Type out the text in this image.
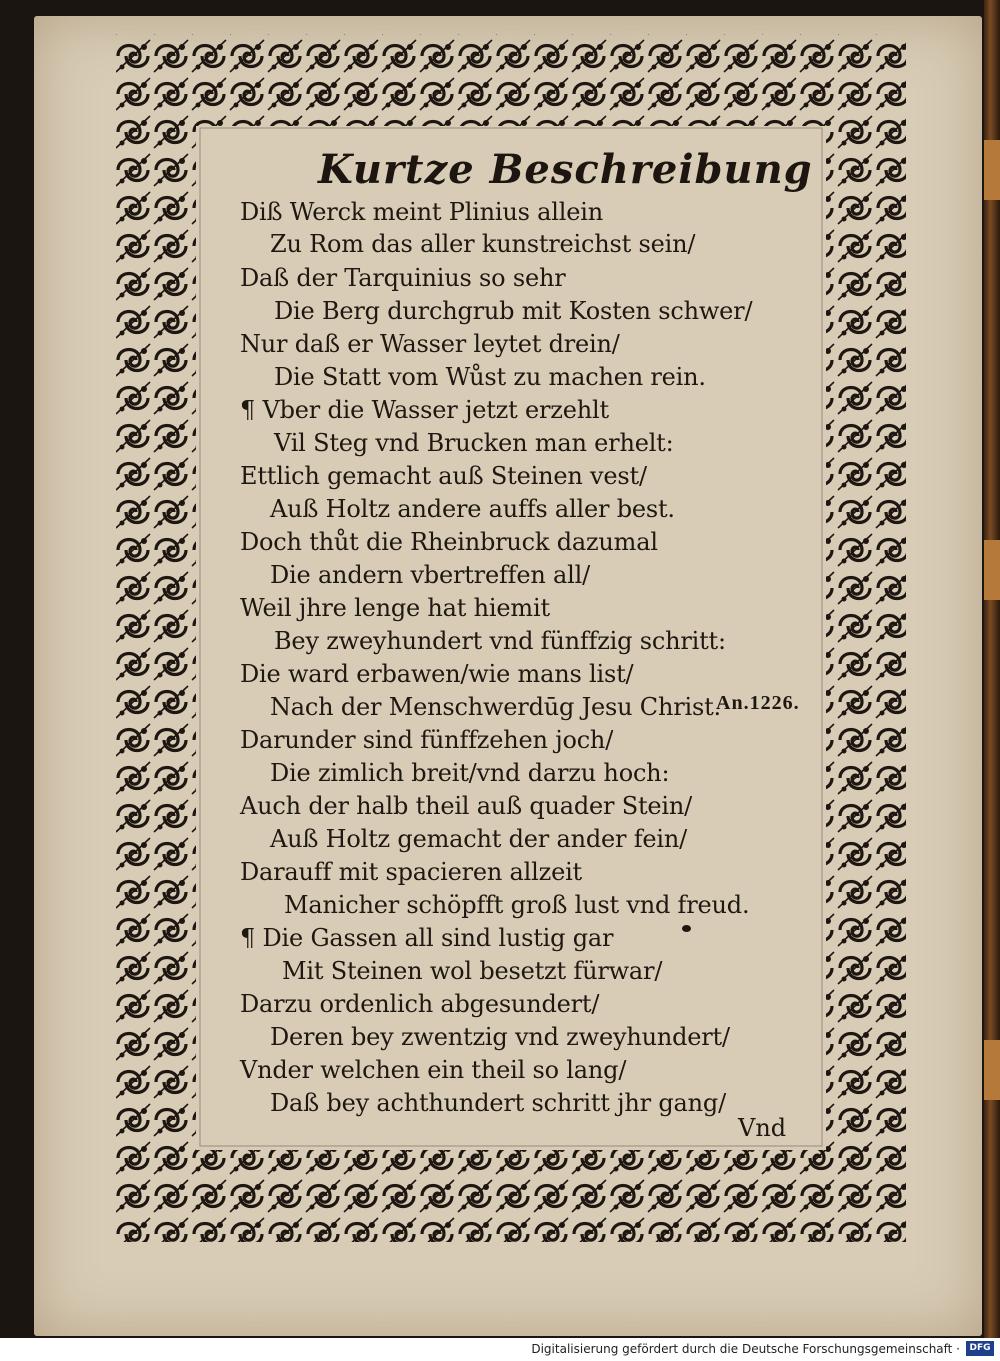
Kurtze Beschreibung
Diß Werck meint Plinius allein
Zu Rom das aller kunstreichst sein/
Daß der Tarquinius so sehr
Die Berg durchgrub mit Kosten schwer/
Nur daß er Wasser leytet drein/
Die Statt vom Wůst zu machen rein.
¶ Vber die Wasser jetzt erzehlt
Vil Steg vnd Brucken man erhelt:
Ettlich gemacht auß Steinen vest/
Auß Holtz andere auffs aller best.
Doch thůt die Rheinbruck dazumal
Die andern vbertreffen all/
Weil jhre lenge hat hiemit
Bey zweyhundert vnd fünffzig schritt:
Die ward erbawen/wie mans list/
Nach der Menschwerdūg Jesu Christ.
Darunder sind fünffzehen joch/
Die zimlich breit/vnd darzu hoch:
Auch der halb theil auß quader Stein/
Auß Holtz gemacht der ander fein/
Darauff mit spacieren allzeit
Manicher schöpfft groß lust vnd freud.
¶ Die Gassen all sind lustig gar
Mit Steinen wol besetzt fürwar/
Darzu ordenlich abgesundert/
Deren bey zwentzig vnd zweyhundert/
Vnder welchen ein theil so lang/
Daß bey achthundert schritt jhr gang/
An.1226.
Vnd
Digitalisierung gefördert durch die Deutsche Forschungsgemeinschaft ·	DFG
